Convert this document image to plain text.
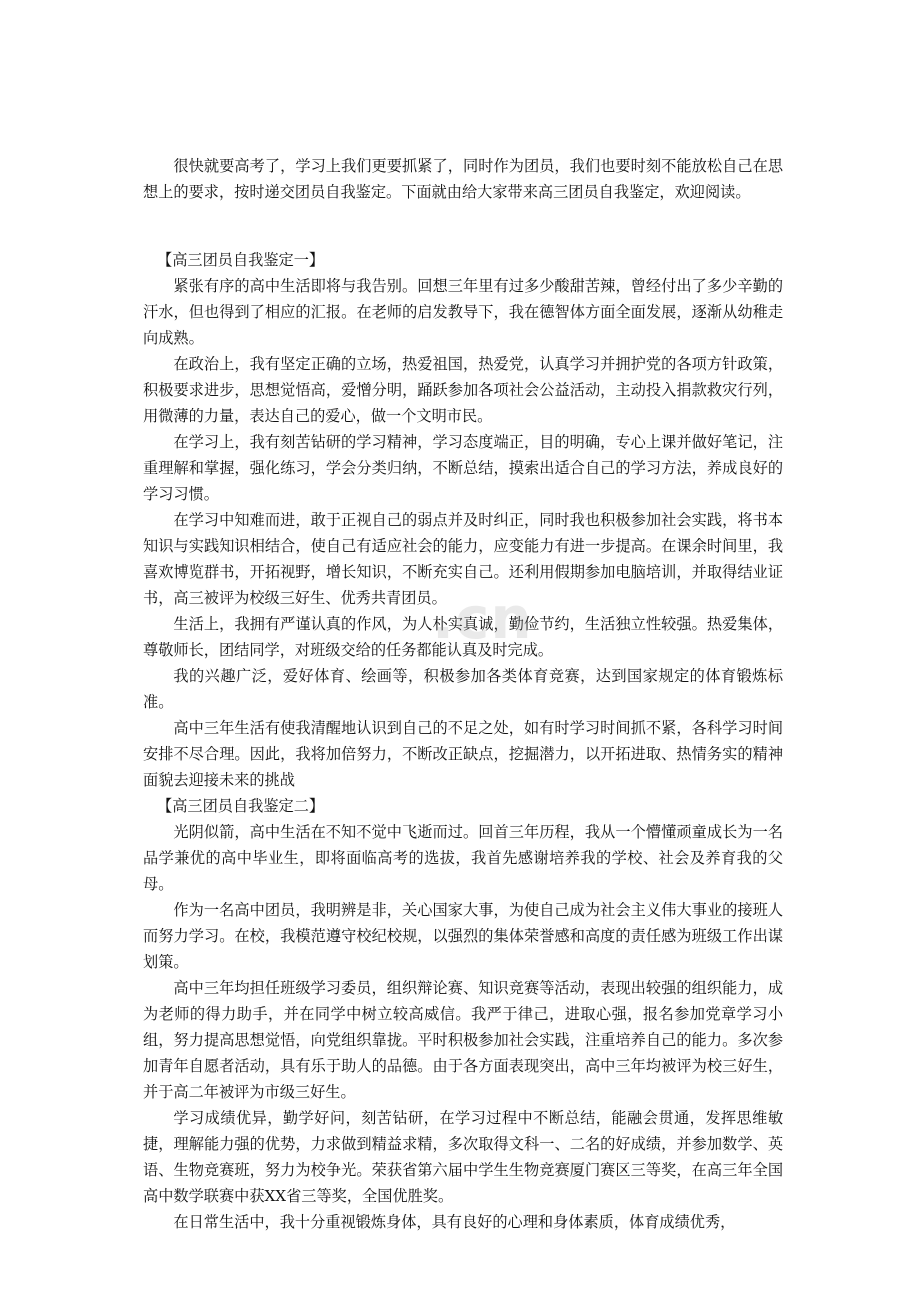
很快就要高考了，学习上我们更要抓紧了，同时作为团员，我们也要时刻不能放松自己在思想上的要求，按时递交团员自我鉴定。下面就由给大家带来高三团员自我鉴定，欢迎阅读。

【高三团员自我鉴定一】

紧张有序的高中生活即将与我告别。回想三年里有过多少酸甜苦辣，曾经付出了多少辛勤的汗水，但也得到了相应的汇报。在老师的启发教导下，我在德智体方面全面发展，逐渐从幼稚走向成熟。

在政治上，我有坚定正确的立场，热爱祖国，热爱党，认真学习并拥护党的各项方针政策，积极要求进步，思想觉悟高，爱憎分明，踊跃参加各项社会公益活动，主动投入捐款救灾行列，用微薄的力量，表达自己的爱心，做一个文明市民。

在学习上，我有刻苦钻研的学习精神，学习态度端正，目的明确，专心上课并做好笔记，注重理解和掌握，强化练习，学会分类归纳，不断总结，摸索出适合自己的学习方法，养成良好的学习习惯。

在学习中知难而进，敢于正视自己的弱点并及时纠正，同时我也积极参加社会实践，将书本知识与实践知识相结合，使自己有适应社会的能力，应变能力有进一步提高。在课余时间里，我喜欢博览群书，开拓视野，增长知识，不断充实自己。还利用假期参加电脑培训，并取得结业证书，高三被评为校级三好生、优秀共青团员。

生活上，我拥有严谨认真的作风，为人朴实真诚，勤俭节约，生活独立性较强。热爱集体，尊敬师长，团结同学，对班级交给的任务都能认真及时完成。

我的兴趣广泛，爱好体育、绘画等，积极参加各类体育竞赛，达到国家规定的体育锻炼标准。

高中三年生活有使我清醒地认识到自己的不足之处，如有时学习时间抓不紧，各科学习时间安排不尽合理。因此，我将加倍努力，不断改正缺点，挖掘潜力，以开拓进取、热情务实的精神面貌去迎接未来的挑战

【高三团员自我鉴定二】

光阴似箭，高中生活在不知不觉中飞逝而过。回首三年历程，我从一个懵懂顽童成长为一名品学兼优的高中毕业生，即将面临高考的选拔，我首先感谢培养我的学校、社会及养育我的父母。

作为一名高中团员，我明辨是非，关心国家大事，为使自己成为社会主义伟大事业的接班人而努力学习。在校，我模范遵守校纪校规，以强烈的集体荣誉感和高度的责任感为班级工作出谋划策。

高中三年均担任班级学习委员，组织辩论赛、知识竞赛等活动，表现出较强的组织能力，成为老师的得力助手，并在同学中树立较高威信。我严于律己，进取心强，报名参加党章学习小组，努力提高思想觉悟，向党组织靠拢。平时积极参加社会实践，注重培养自己的能力。多次参加青年自愿者活动，具有乐于助人的品德。由于各方面表现突出，高中三年均被评为校三好生，并于高二年被评为市级三好生。

学习成绩优异，勤学好问，刻苦钻研，在学习过程中不断总结，能融会贯通，发挥思维敏捷，理解能力强的优势，力求做到精益求精，多次取得文科一、二名的好成绩，并参加数学、英语、生物竞赛班，努力为校争光。荣获省第六届中学生生物竞赛厦门赛区三等奖，在高三年全国高中数学联赛中获XX省三等奖，全国优胜奖。

在日常生活中，我十分重视锻炼身体，具有良好的心理和身体素质，体育成绩优秀，

.cn
